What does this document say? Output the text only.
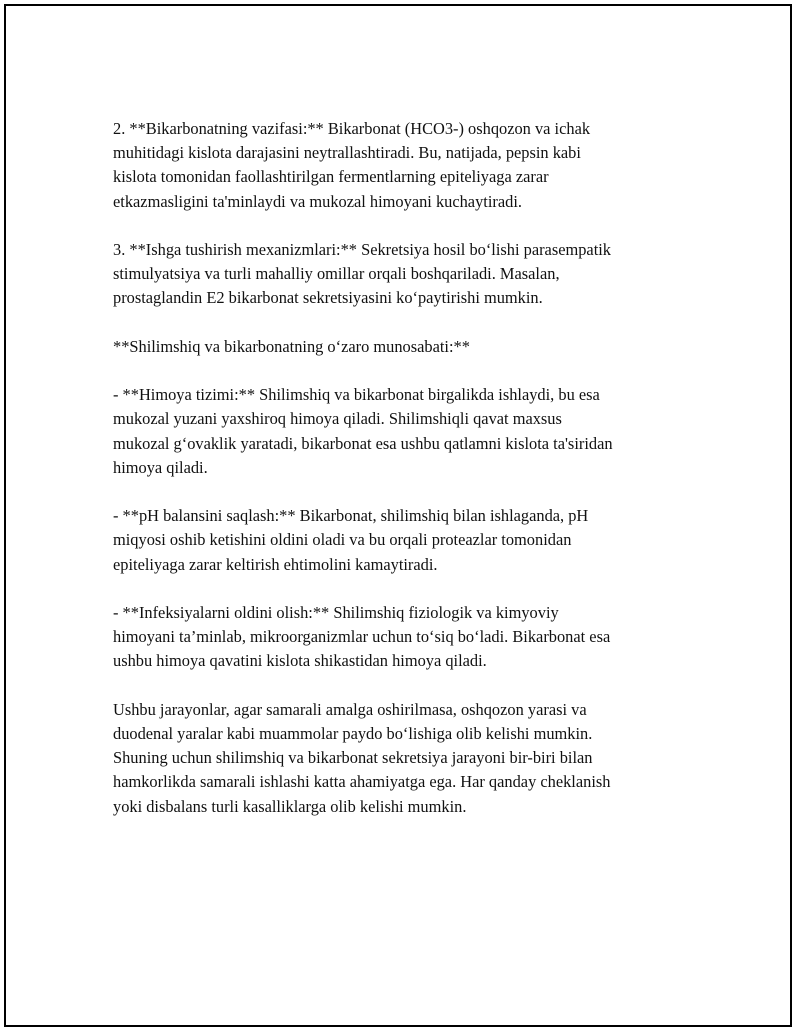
2. **Bikarbonatning vazifasi:** Bikarbonat (HCO3-) oshqozon va ichak
muhitidagi kislota darajasini neytrallashtiradi. Bu, natijada, pepsin kabi
kislota tomonidan faollashtirilgan fermentlarning epiteliyaga zarar
etkazmasligini ta'minlaydi va mukozal himoyani kuchaytiradi.

3. **Ishga tushirish mexanizmlari:** Sekretsiya hosil bo‘lishi parasempatik
stimulyatsiya va turli mahalliy omillar orqali boshqariladi. Masalan,
prostaglandin E2 bikarbonat sekretsiyasini ko‘paytirishi mumkin.

**Shilimshiq va bikarbonatning o‘zaro munosabati:**

- **Himoya tizimi:** Shilimshiq va bikarbonat birgalikda ishlaydi, bu esa
mukozal yuzani yaxshiroq himoya qiladi. Shilimshiqli qavat maxsus
mukozal g‘ovaklik yaratadi, bikarbonat esa ushbu qatlamni kislota ta'siridan
himoya qiladi.

- **pH balansini saqlash:** Bikarbonat, shilimshiq bilan ishlaganda, pH
miqyosi oshib ketishini oldini oladi va bu orqali proteazlar tomonidan
epiteliyaga zarar keltirish ehtimolini kamaytiradi.

- **Infeksiyalarni oldini olish:** Shilimshiq fiziologik va kimyoviy
himoyani ta’minlab, mikroorganizmlar uchun to‘siq bo‘ladi. Bikarbonat esa
ushbu himoya qavatini kislota shikastidan himoya qiladi.

Ushbu jarayonlar, agar samarali amalga oshirilmasa, oshqozon yarasi va
duodenal yaralar kabi muammolar paydo bo‘lishiga olib kelishi mumkin.
Shuning uchun shilimshiq va bikarbonat sekretsiya jarayoni bir-biri bilan
hamkorlikda samarali ishlashi katta ahamiyatga ega. Har qanday cheklanish
yoki disbalans turli kasalliklarga olib kelishi mumkin.
